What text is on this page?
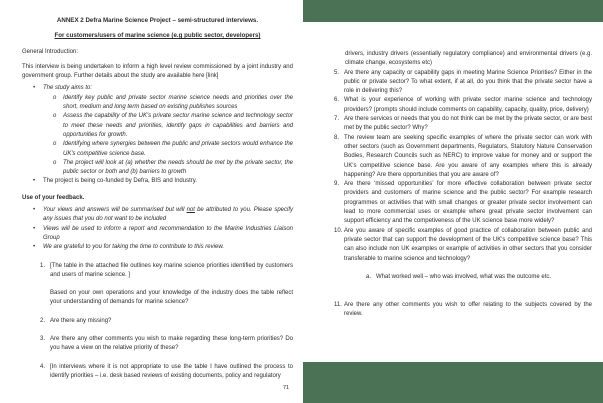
ANNEX 2 Defra Marine Science Project – semi-structured interviews.
For customers/users of marine science (e.g public sector, developers)
General Introduction:

This interview is being undertaken to inform a high level review commissioned by a joint industry and government group. Further details about the study are available here [link]

•	The study aims to:
o	Identify key public and private sector marine science needs and priorities over the short, medium and long term based on existing publishes sources
o	Assess the capability of the UK's private sector marine science and technology sector to meet these needs and priorities, identify gaps in capabilities and barriers and opportunities for growth.
o	Identifying where synergies between the public and private sectors would enhance the UK's competitive science base.
o	The project will look at (a) whether the needs should be met by the private sector, the public sector or both and (b) barriers to growth
•	The project is being co-funded by Defra, BIS and Industry.
Use of your feedback.
•	Your views and answers will be summarised but will not be attributed to you. Please specify any issues that you do not want to be included
•	Views will be used to inform a report and recommendation to the Marine Industries Liaison Group
•	We are grateful to you for taking the time to contribute to this review.
1. [The table in the attached file outlines key marine science priorities identified by customers and users of marine science. ]

Based on your own operations and your knowledge of the industry does the table reflect your understanding of demands for marine science?

2. Are there any missing?

3. Are there any other comments you wish to make regarding these long-term priorities? Do you have a view on the relative priority of these?

4. [In interviews where it is not appropriate to use the table I have outlined the process to identify priorities – i.e. desk based reviews of existing documents, policy and regulatory

71

drivers, industry drivers (essentially regulatory compliance) and environmental drivers (e.g. climate change, ecosystems etc)

5. Are there any capacity or capability gaps in meeting Marine Science Priorities? Either in the public or private sector? To what extent, if at all, do you think that the private sector have a role in delivering this?

6. What is your experience of working with private sector marine science and technology providers? (prompts should include comments on capability, capacity, quality, price, delivery)

7. Are there services or needs that you do not think can be met by the private sector, or are best met by the public sector? Why?

8. The review team are seeking specific examples of where the private sector can work with other sectors (such as Government departments, Regulators, Statutory Nature Conservation Bodies, Research Councils such as NERC) to improve value for money and or support the UK's competitive science base. Are you aware of any examples where this is already happening? Are there opportunities that you are aware of?

9. Are there ‘missed opportunities’ for more effective collaboration between private sector providers and customers of marine science and the public sector? For example research programmes or activities that with small changes or greater private sector involvement can lead to more commercial uses or example where great private sector involvement can support efficiency and the competiveness of the UK science base more widely?

10. Are you aware of specific examples of good practice of collaboration between public and private sector that can support the development of the UK's competitive science base? This can also include non UK examples or example of activities in other sectors that you consider transferable to marine science and technology?

a. What worked well – who was involved, what was the outcome etc.
11. Are there any other comments you wish to offer relating to the subjects covered by the review.
